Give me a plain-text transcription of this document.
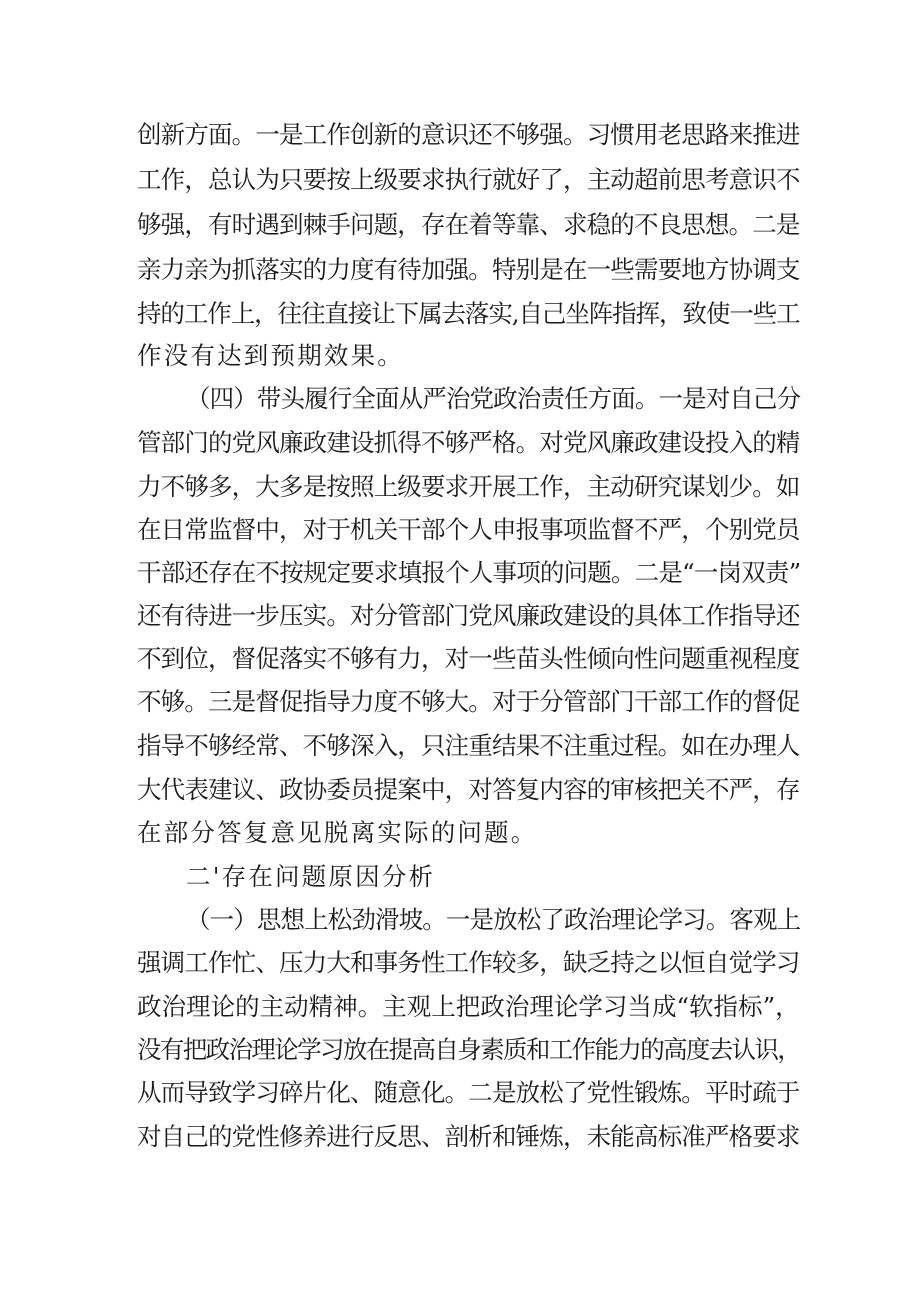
创新方面。一是工作创新的意识还不够强。习惯用老思路来推进
工作，总认为只要按上级要求执行就好了，主动超前思考意识不
够强，有时遇到棘手问题，存在着等靠、求稳的不良思想。二是
亲力亲为抓落实的力度有待加强。特别是在一些需要地方协调支
持的工作上，往往直接让下属去落实,自己坐阵指挥，致使一些工
作没有达到预期效果。
（四）带头履行全面从严治党政治责任方面。一是对自己分
管部门的党风廉政建设抓得不够严格。对党风廉政建设投入的精
力不够多，大多是按照上级要求开展工作，主动研究谋划少。如
在日常监督中，对于机关干部个人申报事项监督不严，个别党员
干部还存在不按规定要求填报个人事项的问题。二是“一岗双责”
还有待进一步压实。对分管部门党风廉政建设的具体工作指导还
不到位，督促落实不够有力，对一些苗头性倾向性问题重视程度
不够。三是督促指导力度不够大。对于分管部门干部工作的督促
指导不够经常、不够深入，只注重结果不注重过程。如在办理人
大代表建议、政协委员提案中，对答复内容的审核把关不严，存
在部分答复意见脱离实际的问题。
二'存在问题原因分析
（一）思想上松劲滑坡。一是放松了政治理论学习。客观上
强调工作忙、压力大和事务性工作较多，缺乏持之以恒自觉学习
政治理论的主动精神。主观上把政治理论学习当成“软指标”，
没有把政治理论学习放在提高自身素质和工作能力的高度去认识，
从而导致学习碎片化、随意化。二是放松了党性锻炼。平时疏于
对自己的党性修养进行反思、剖析和锤炼，未能高标准严格要求
